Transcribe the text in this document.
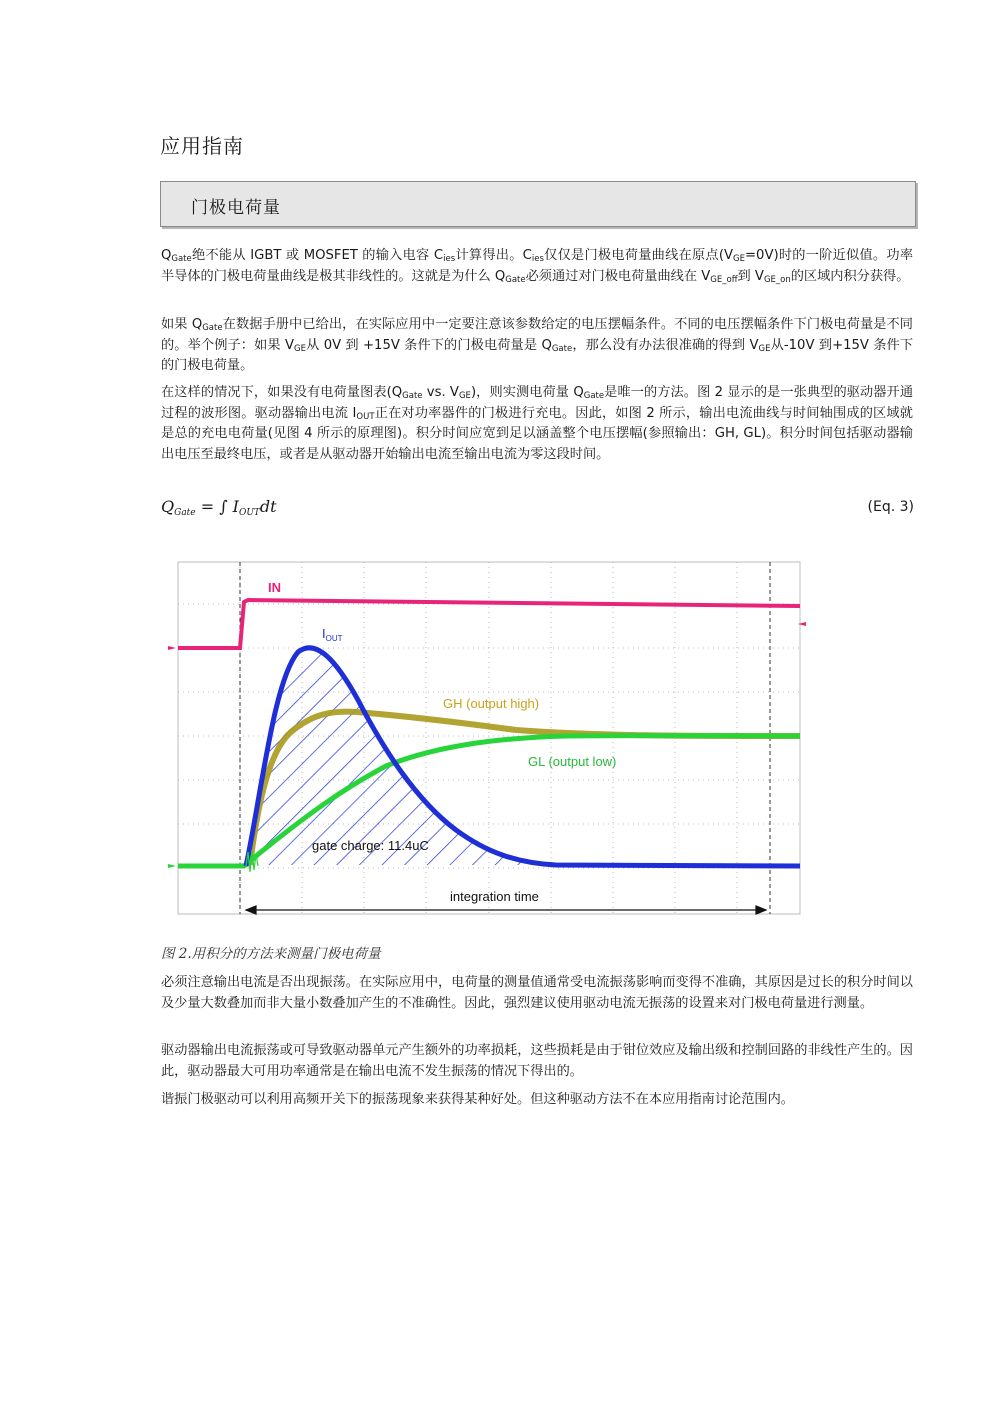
应用指南
门极电荷量

$Q_{Gate}$绝不能从 IGBT 或 MOSFET 的输入电容 $C_{ies}$计算得出。$C_{ies}$仅仅是门极电荷量曲线在原点$(V_{GE}=0V)$时的一阶近似值。功率半导体的门极电荷量曲线是极其非线性的。这就是为什么 $Q_{Gate}$必须通过对门极电荷量曲线在 $V_{GE\_off}$到 $V_{GE\_on}$的区域内积分获得。

如果 $Q_{Gate}$在数据手册中已给出，在实际应用中一定要注意该参数给定的电压摆幅条件。不同的电压摆幅条件下门极电荷量是不同的。举个例子：如果 $V_{GE}$从 0V 到 +15V 条件下的门极电荷量是 $Q_{Gate}$，那么没有办法很准确的得到 $V_{GE}$从-10V 到+15V 条件下的门极电荷量。

在这样的情况下，如果没有电荷量图表($Q_{Gate}$ vs. $V_{GE}$)，则实测电荷量 $Q_{Gate}$是唯一的方法。图 2 显示的是一张典型的驱动器开通过程的波形图。驱动器输出电流 $I_{OUT}$正在对功率器件的门极进行充电。因此，如图 2 所示，输出电流曲线与时间轴围成的区域就是总的充电电荷量(见图 4 所示的原理图)。积分时间应宽到足以涵盖整个电压摆幅(参照输出：GH, GL)。积分时间包括驱动器输出电压至最终电压，或者是从驱动器开始输出电流至输出电流为零这段时间。

$Q_{Gate}$ = ∫ $I_{OUT}dt$	(Eq. 3)
IN
$I_{OUT}$
GH (output high)
GL (output low)
gate charge: 11.4uC
integration time
图 2.用积分的方法来测量门极电荷量

必须注意输出电流是否出现振荡。在实际应用中，电荷量的测量值通常受电流振荡影响而变得不准确，其原因是过长的积分时间以及少量大数叠加而非大量小数叠加产生的不准确性。因此，强烈建议使用驱动电流无振荡的设置来对门极电荷量进行测量。

驱动器输出电流振荡或可导致驱动器单元产生额外的功率损耗，这些损耗是由于钳位效应及输出级和控制回路的非线性产生的。因此，驱动器最大可用功率通常是在输出电流不发生振荡的情况下得出的。

谐振门极驱动可以利用高频开关下的振荡现象来获得某种好处。但这种驱动方法不在本应用指南讨论范围内。
